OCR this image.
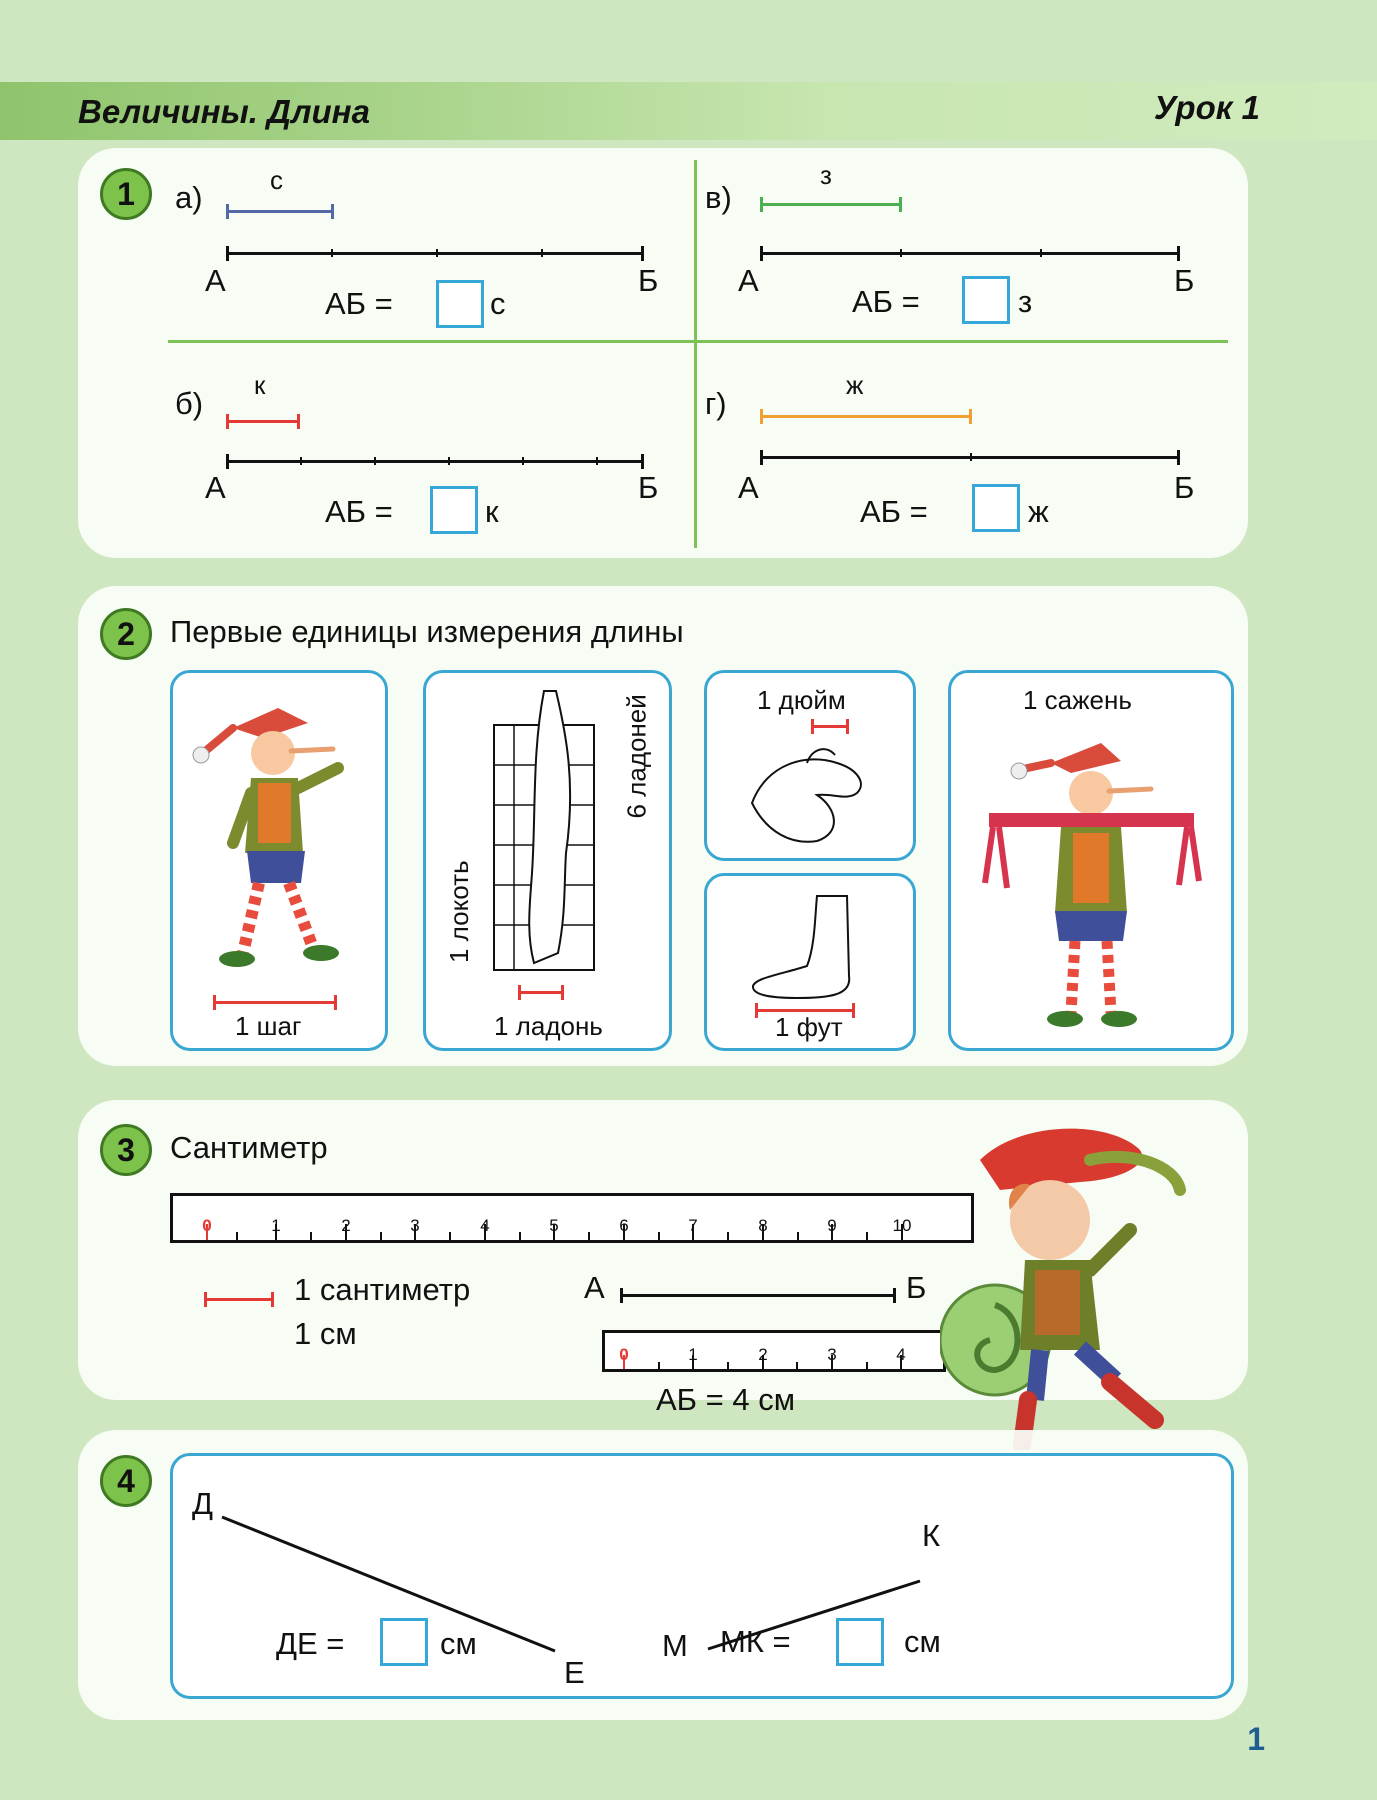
Величины. Длина	Урок 1
1	а)	с
А	Б
АБ =	с
в)
з
А	Б
АБ =	з
б)
к
А	Б
АБ =	к
г)
ж
А	Б
АБ =	ж
2	Первые единицы измерения длины
1 шаг
1 локоть
6 ладоней
1 ладонь
1 дюйм
1 фут
1 сажень
3	Сантиметр
0	1	2	3	4	5	6	7	8	9	10
1 сантиметр
1 см
А	Б
0	1	2	3	4
АБ = 4 см
4
Д
Е
М
К
ДЕ =	см	МК =	см
1
